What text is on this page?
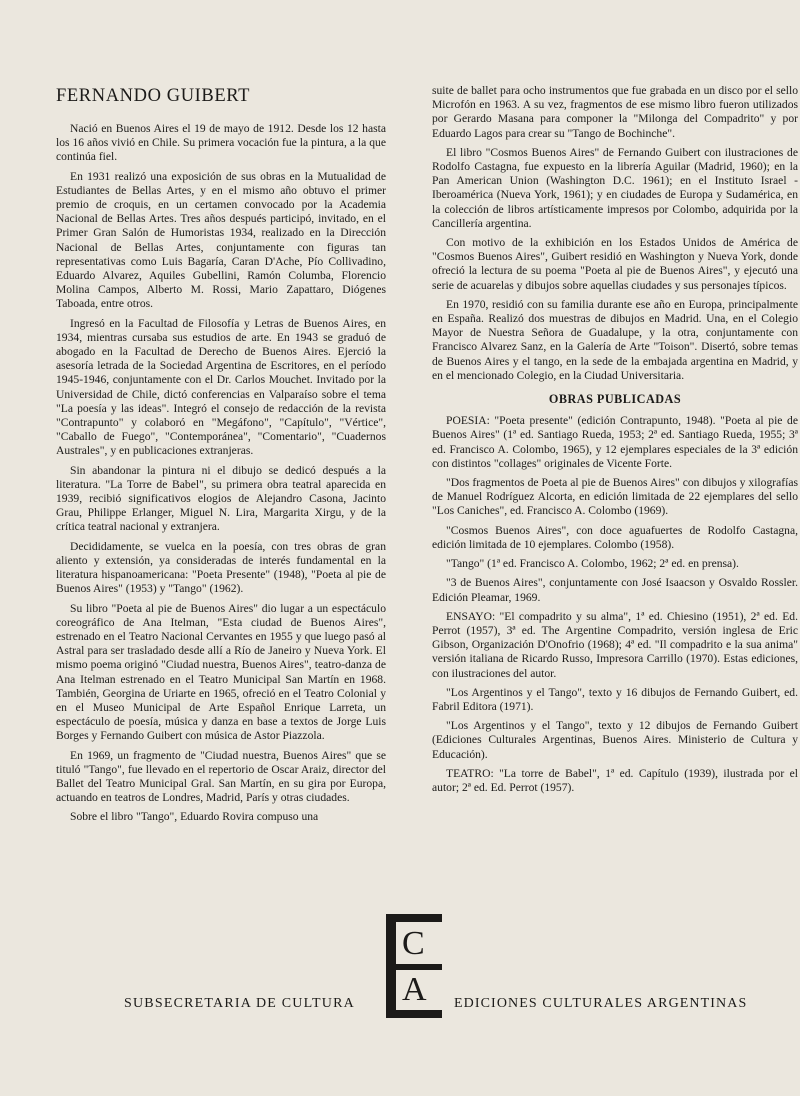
FERNANDO GUIBERT

Nació en Buenos Aires el 19 de mayo de 1912. Desde los 12 hasta los 16 años vivió en Chile. Su primera vocación fue la pintura, a la que continúa fiel.

En 1931 realizó una exposición de sus obras en la Mutualidad de Estudiantes de Bellas Artes, y en el mismo año obtuvo el primer premio de croquis, en un certamen convocado por la Academia Nacional de Bellas Artes. Tres años después participó, invitado, en el Primer Gran Salón de Humoristas 1934, realizado en la Dirección Nacional de Bellas Artes, conjuntamente con figuras tan representativas como Luis Bagaría, Caran D'Ache, Pío Collivadino, Eduardo Alvarez, Aquiles Gubellini, Ramón Columba, Florencio Molina Campos, Alberto M. Rossi, Mario Zapattaro, Diógenes Taboada, entre otros.

Ingresó en la Facultad de Filosofía y Letras de Buenos Aires, en 1934, mientras cursaba sus estudios de arte. En 1943 se graduó de abogado en la Facultad de Derecho de Buenos Aires. Ejerció la asesoría letrada de la Sociedad Argentina de Escritores, en el período 1945-1946, conjuntamente con el Dr. Carlos Mouchet. Invitado por la Universidad de Chile, dictó conferencias en Valparaíso sobre el tema "La poesía y las ideas". Integró el consejo de redacción de la revista "Contrapunto" y colaboró en "Megáfono", "Capítulo", "Vértice", "Caballo de Fuego", "Contemporánea", "Comentario", "Cuadernos Australes", y en publicaciones extranjeras.

Sin abandonar la pintura ni el dibujo se dedicó después a la literatura. "La Torre de Babel", su primera obra teatral aparecida en 1939, recibió significativos elogios de Alejandro Casona, Jacinto Grau, Philippe Erlanger, Miguel N. Lira, Margarita Xirgu, y de la crítica teatral nacional y extranjera.

Decididamente, se vuelca en la poesía, con tres obras de gran aliento y extensión, ya consideradas de interés fundamental en la literatura hispanoamericana: "Poeta Presente" (1948), "Poeta al pie de Buenos Aires" (1953) y "Tango" (1962).

Su libro "Poeta al pie de Buenos Aires" dio lugar a un espectáculo coreográfico de Ana Itelman, "Esta ciudad de Buenos Aires", estrenado en el Teatro Nacional Cervantes en 1955 y que luego pasó al Astral para ser trasladado desde allí a Río de Janeiro y Nueva York. El mismo poema originó "Ciudad nuestra, Buenos Aires", teatro-danza de Ana Itelman estrenado en el Teatro Municipal San Martín en 1968. También, Georgina de Uriarte en 1965, ofreció en el Teatro Colonial y en el Museo Municipal de Arte Español Enrique Larreta, un espectáculo de poesía, música y danza en base a textos de Jorge Luis Borges y Fernando Guibert con música de Astor Piazzola.

En 1969, un fragmento de "Ciudad nuestra, Buenos Aires" que se tituló "Tango", fue llevado en el repertorio de Oscar Araiz, director del Ballet del Teatro Municipal Gral. San Martín, en su gira por Europa, actuando en teatros de Londres, Madrid, París y otras ciudades.

Sobre el libro "Tango", Eduardo Rovira compuso una

suite de ballet para ocho instrumentos que fue grabada en un disco por el sello Microfón en 1963. A su vez, fragmentos de ese mismo libro fueron utilizados por Gerardo Masana para componer la "Milonga del Compadrito" y por Eduardo Lagos para crear su "Tango de Bochinche".

El libro "Cosmos Buenos Aires" de Fernando Guibert con ilustraciones de Rodolfo Castagna, fue expuesto en la librería Aguilar (Madrid, 1960); en la Pan American Union (Washington D.C. 1961); en el Instituto Israel - Iberoamérica (Nueva York, 1961); y en ciudades de Europa y Sudamérica, en la colección de libros artísticamente impresos por Colombo, adquirida por la Cancillería argentina.

Con motivo de la exhibición en los Estados Unidos de América de "Cosmos Buenos Aires", Guibert residió en Washington y Nueva York, donde ofreció la lectura de su poema "Poeta al pie de Buenos Aires", y ejecutó una serie de acuarelas y dibujos sobre aquellas ciudades y sus personajes típicos.

En 1970, residió con su familia durante ese año en Europa, principalmente en España. Realizó dos muestras de dibujos en Madrid. Una, en el Colegio Mayor de Nuestra Señora de Guadalupe, y la otra, conjuntamente con Francisco Alvarez Sanz, en la Galería de Arte "Toison". Disertó, sobre temas de Buenos Aires y el tango, en la sede de la embajada argentina en Madrid, y en el mencionado Colegio, en la Ciudad Universitaria.

OBRAS PUBLICADAS

POESIA: "Poeta presente" (edición Contrapunto, 1948). "Poeta al pie de Buenos Aires" (1ª ed. Santiago Rueda, 1953; 2ª ed. Santiago Rueda, 1955; 3ª ed. Francisco A. Colombo, 1965), y 12 ejemplares especiales de la 3ª edición con distintos "collages" originales de Vicente Forte.

"Dos fragmentos de Poeta al pie de Buenos Aires" con dibujos y xilografías de Manuel Rodríguez Alcorta, en edición limitada de 22 ejemplares del sello "Los Caniches", ed. Francisco A. Colombo (1969).

"Cosmos Buenos Aires", con doce aguafuertes de Rodolfo Castagna, edición limitada de 10 ejemplares. Colombo (1958).

"Tango" (1ª ed. Francisco A. Colombo, 1962; 2ª ed. en prensa).

"3 de Buenos Aires", conjuntamente con José Isaacson y Osvaldo Rossler. Edición Pleamar, 1969.

ENSAYO: "El compadrito y su alma", 1ª ed. Chiesino (1951), 2ª ed. Ed. Perrot (1957), 3ª ed. The Argentine Compadrito, versión inglesa de Eric Gibson, Organización D'Onofrio (1968); 4ª ed. "Il compadrito e la sua anima" versión italiana de Ricardo Russo, Impresora Carrillo (1970). Estas ediciones, con ilustraciones del autor.

"Los Argentinos y el Tango", texto y 16 dibujos de Fernando Guibert, ed. Fabril Editora (1971).

"Los Argentinos y el Tango", texto y 12 dibujos de Fernando Guibert (Ediciones Culturales Argentinas, Buenos Aires. Ministerio de Cultura y Educación).

TEATRO: "La torre de Babel", 1ª ed. Capítulo (1939), ilustrada por el autor; 2ª ed. Ed. Perrot (1957).

SUBSECRETARIA DE CULTURA
C
A EDICIONES CULTURALES ARGENTINAS
